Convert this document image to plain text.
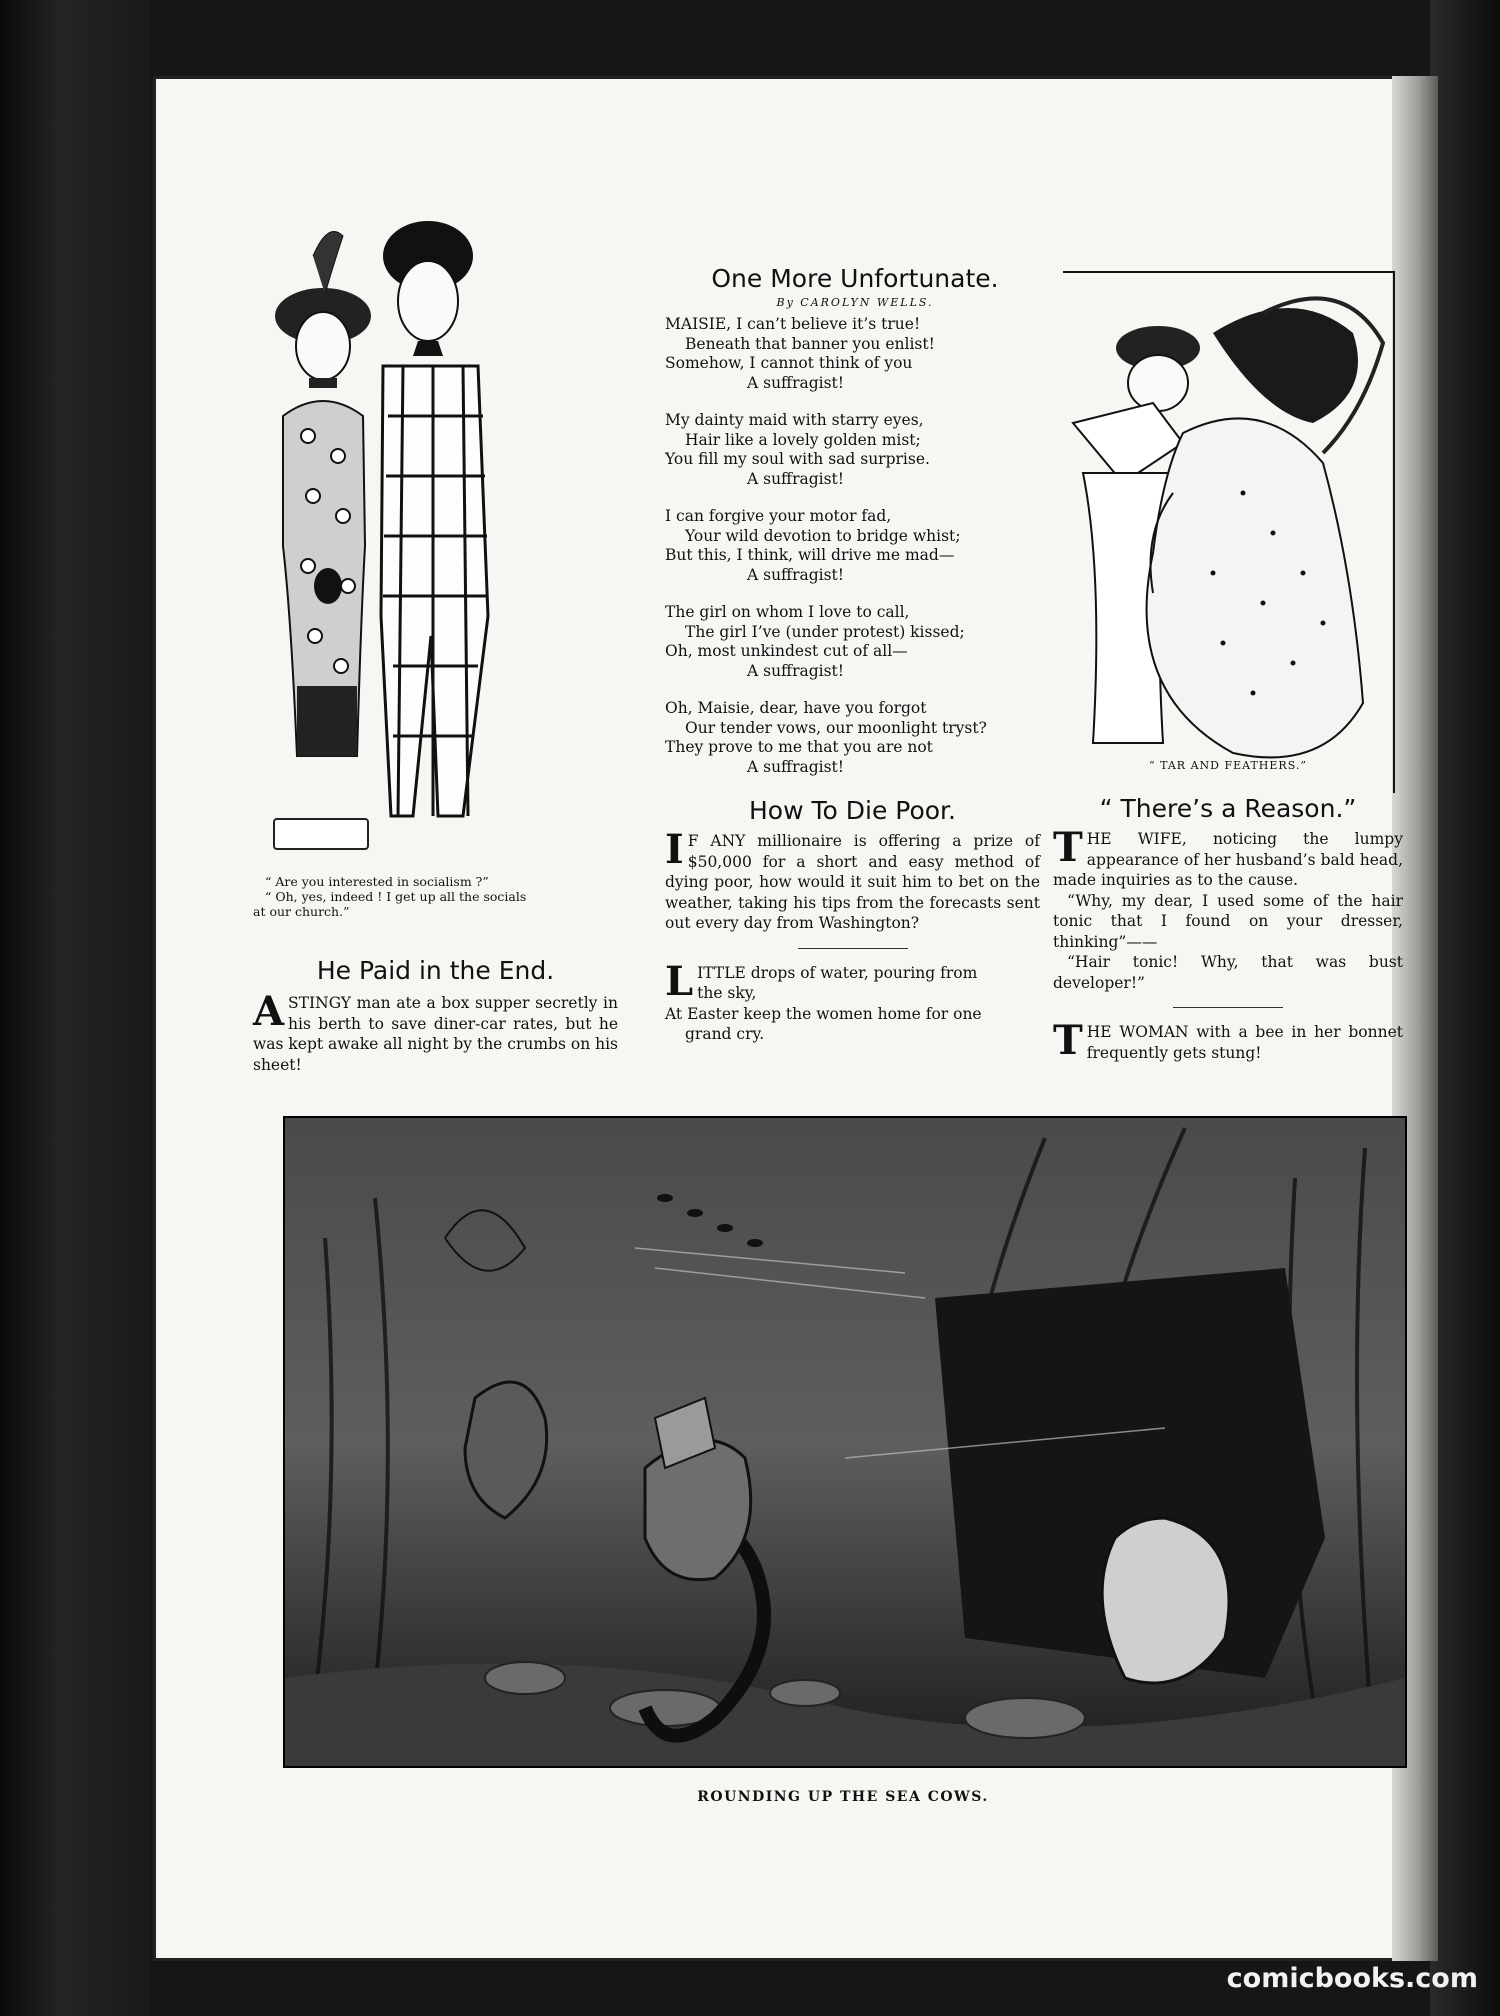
“ Are you interested in socialism ?”
“ Oh, yes, indeed ! I get up all the socials
at our church.”

He Paid in the End.

ASTINGY man ate a box supper secretly in his berth to save diner-car rates, but he was kept awake all night by the crumbs on his sheet!

One More Unfortunate.

By CAROLYN WELLS.

MAISIE, I can’t believe it’s true!
Beneath that banner you enlist!
Somehow, I cannot think of you
A suffragist!
My dainty maid with starry eyes,
Hair like a lovely golden mist;
You fill my soul with sad surprise.
A suffragist!
I can forgive your motor fad,
Your wild devotion to bridge whist;
But this, I think, will drive me mad—
A suffragist!
The girl on whom I love to call,
The girl I’ve (under protest) kissed;
Oh, most unkindest cut of all—
A suffragist!
Oh, Maisie, dear, have you forgot
Our tender vows, our moonlight tryst?
They prove to me that you are not
A suffragist!
How To Die Poor.

I F ANY millionaire is offering a prize of $50,000 for a short and easy method of dying poor, how would it suit him to bet on the weather, taking his tips from the forecasts sent out every day from Washington?

L ITTLE drops of water, pouring from
the sky,
At Easter keep the women home for one
grand cry.

“ TAR AND FEATHERS.”

“ There’s a Reason.”

THE WIFE, noticing the lumpy appearance of her husband’s bald head, made inquiries as to the cause.

“Why, my dear, I used some of the hair tonic that I found on your dresser, thinking”——

“Hair tonic! Why, that was bust developer!”

THE WOMAN with a bee in her bonnet frequently gets stung!

ROUNDING UP THE SEA COWS.
comicbooks.com
